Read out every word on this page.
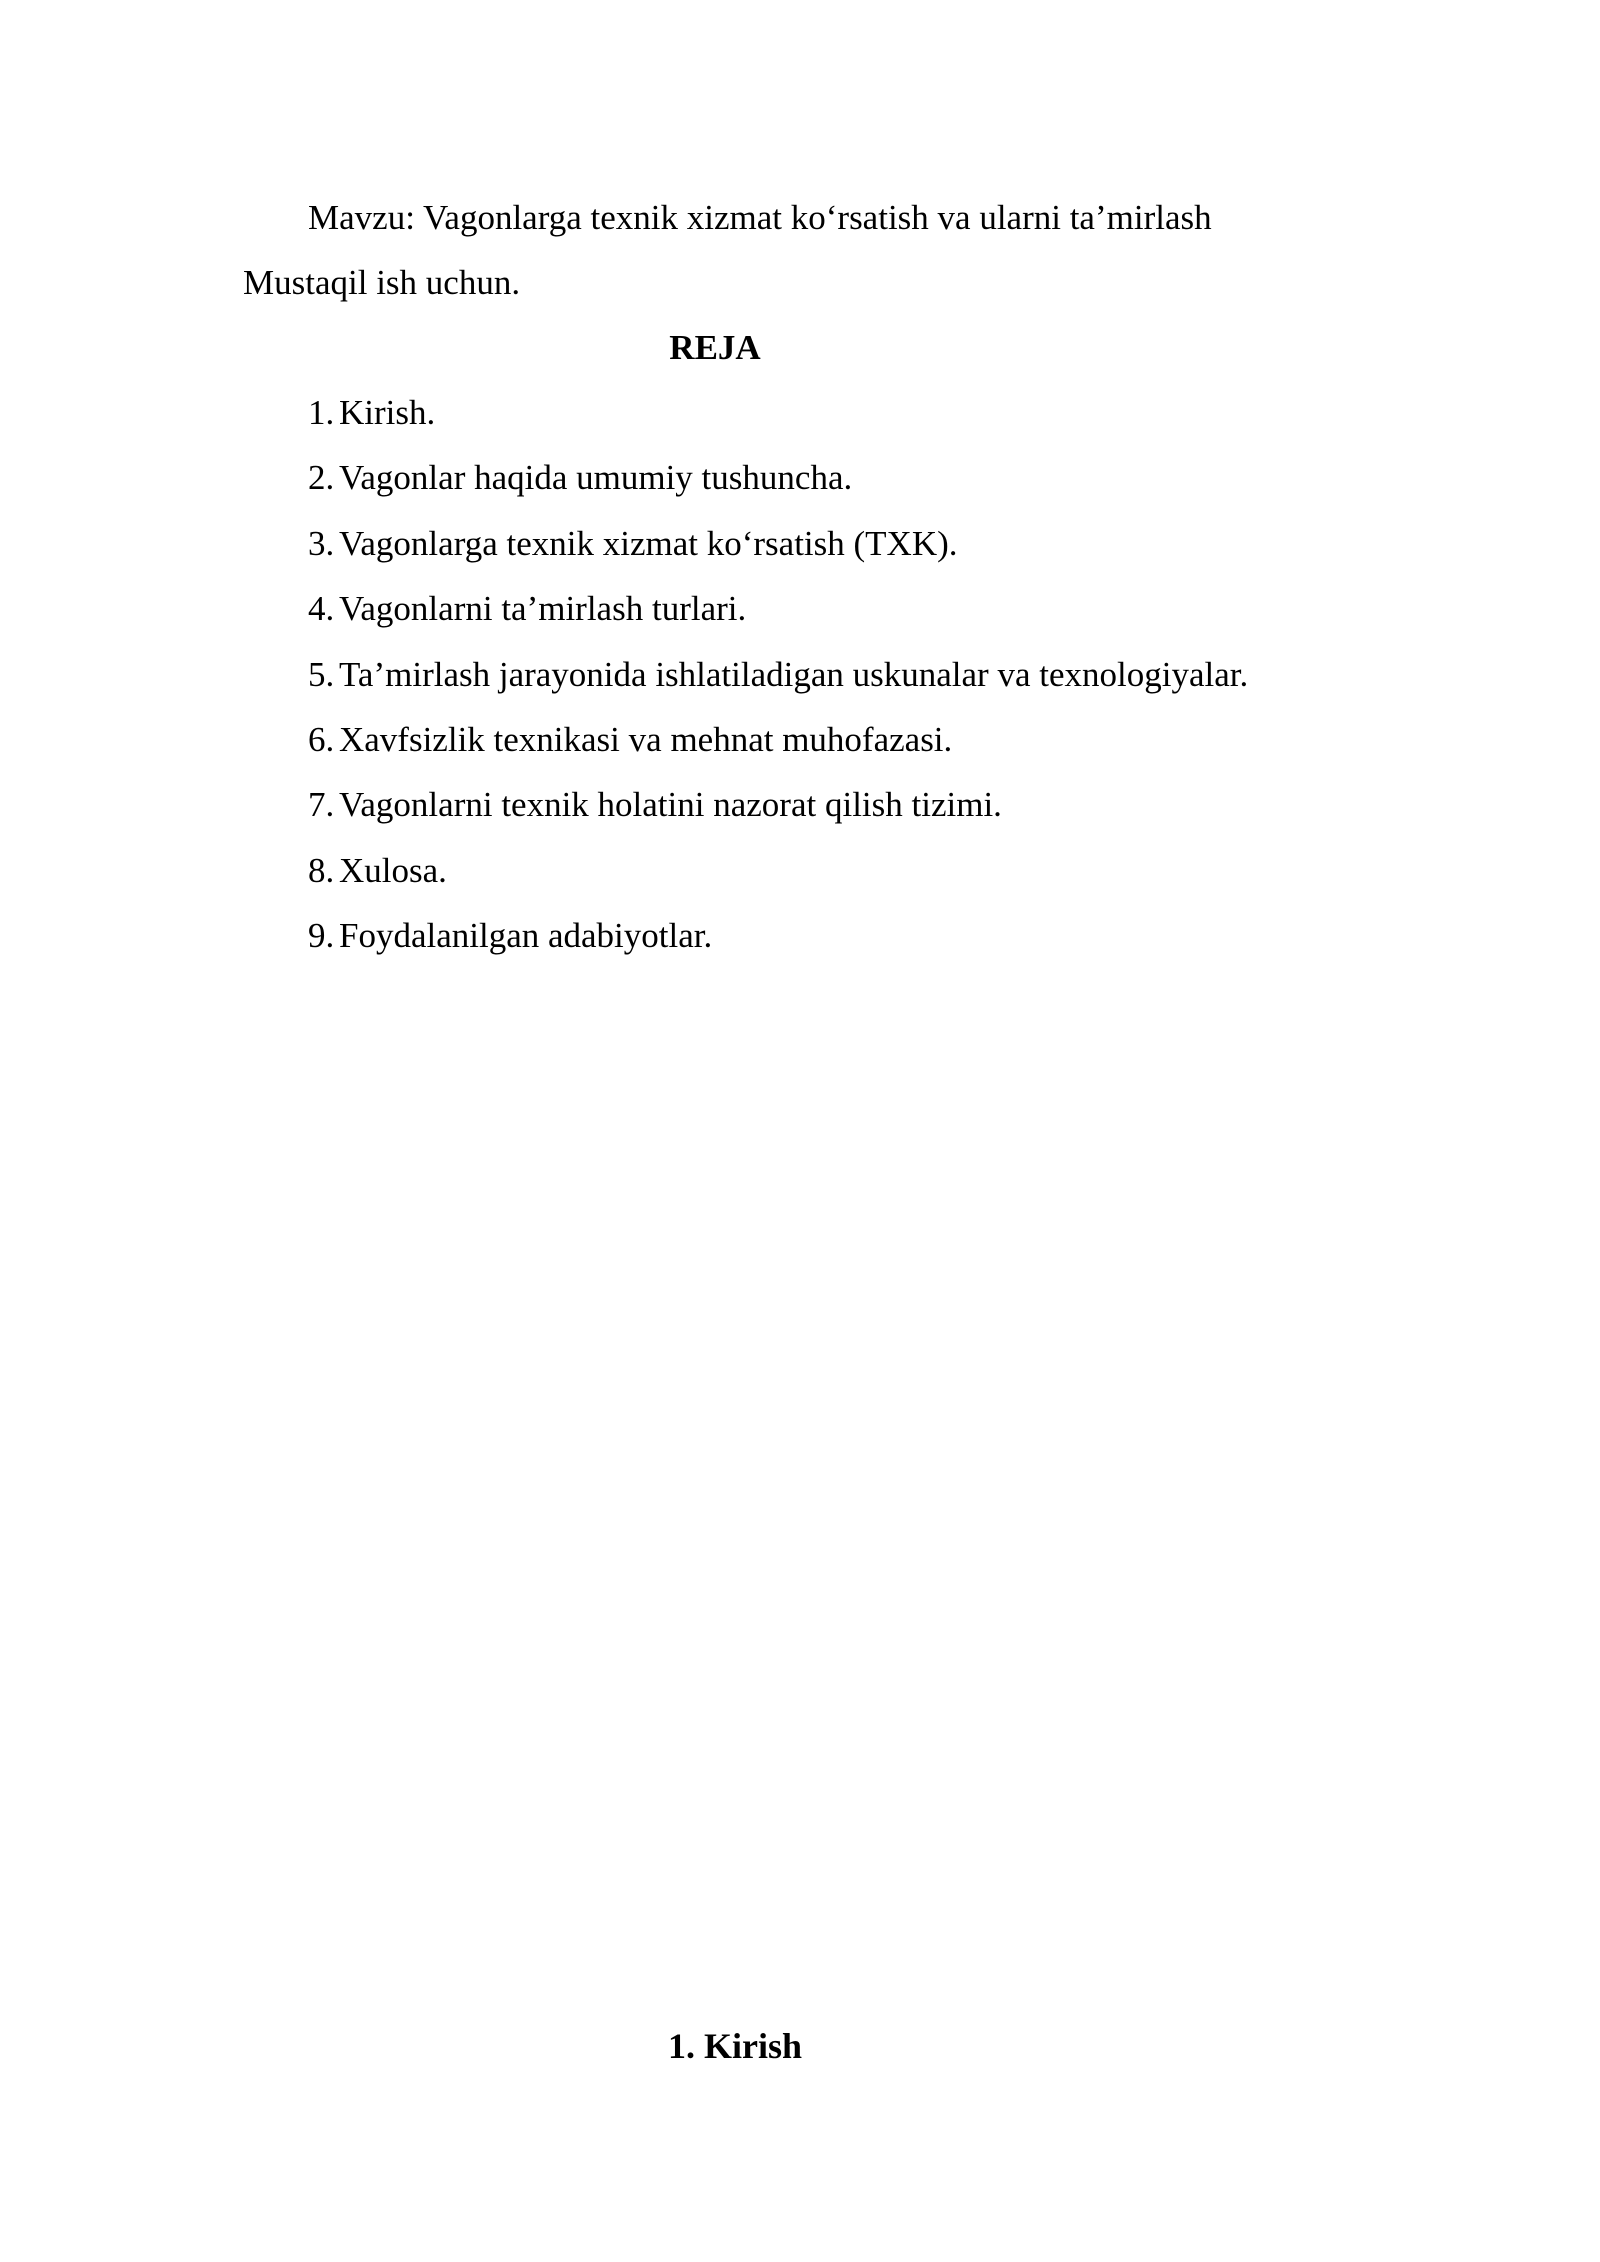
Mavzu: Vagonlarga texnik xizmat ko‘rsatish va ularni ta’mirlash
Mustaqil ish uchun.
REJA
1. Kirish.
2. Vagonlar haqida umumiy tushuncha.
3. Vagonlarga texnik xizmat ko‘rsatish (TXK).
4. Vagonlarni ta’mirlash turlari.
5. Ta’mirlash jarayonida ishlatiladigan uskunalar va texnologiyalar.
6. Xavfsizlik texnikasi va mehnat muhofazasi.
7. Vagonlarni texnik holatini nazorat qilish tizimi.
8. Xulosa.
9. Foydalanilgan adabiyotlar.
1. Kirish
